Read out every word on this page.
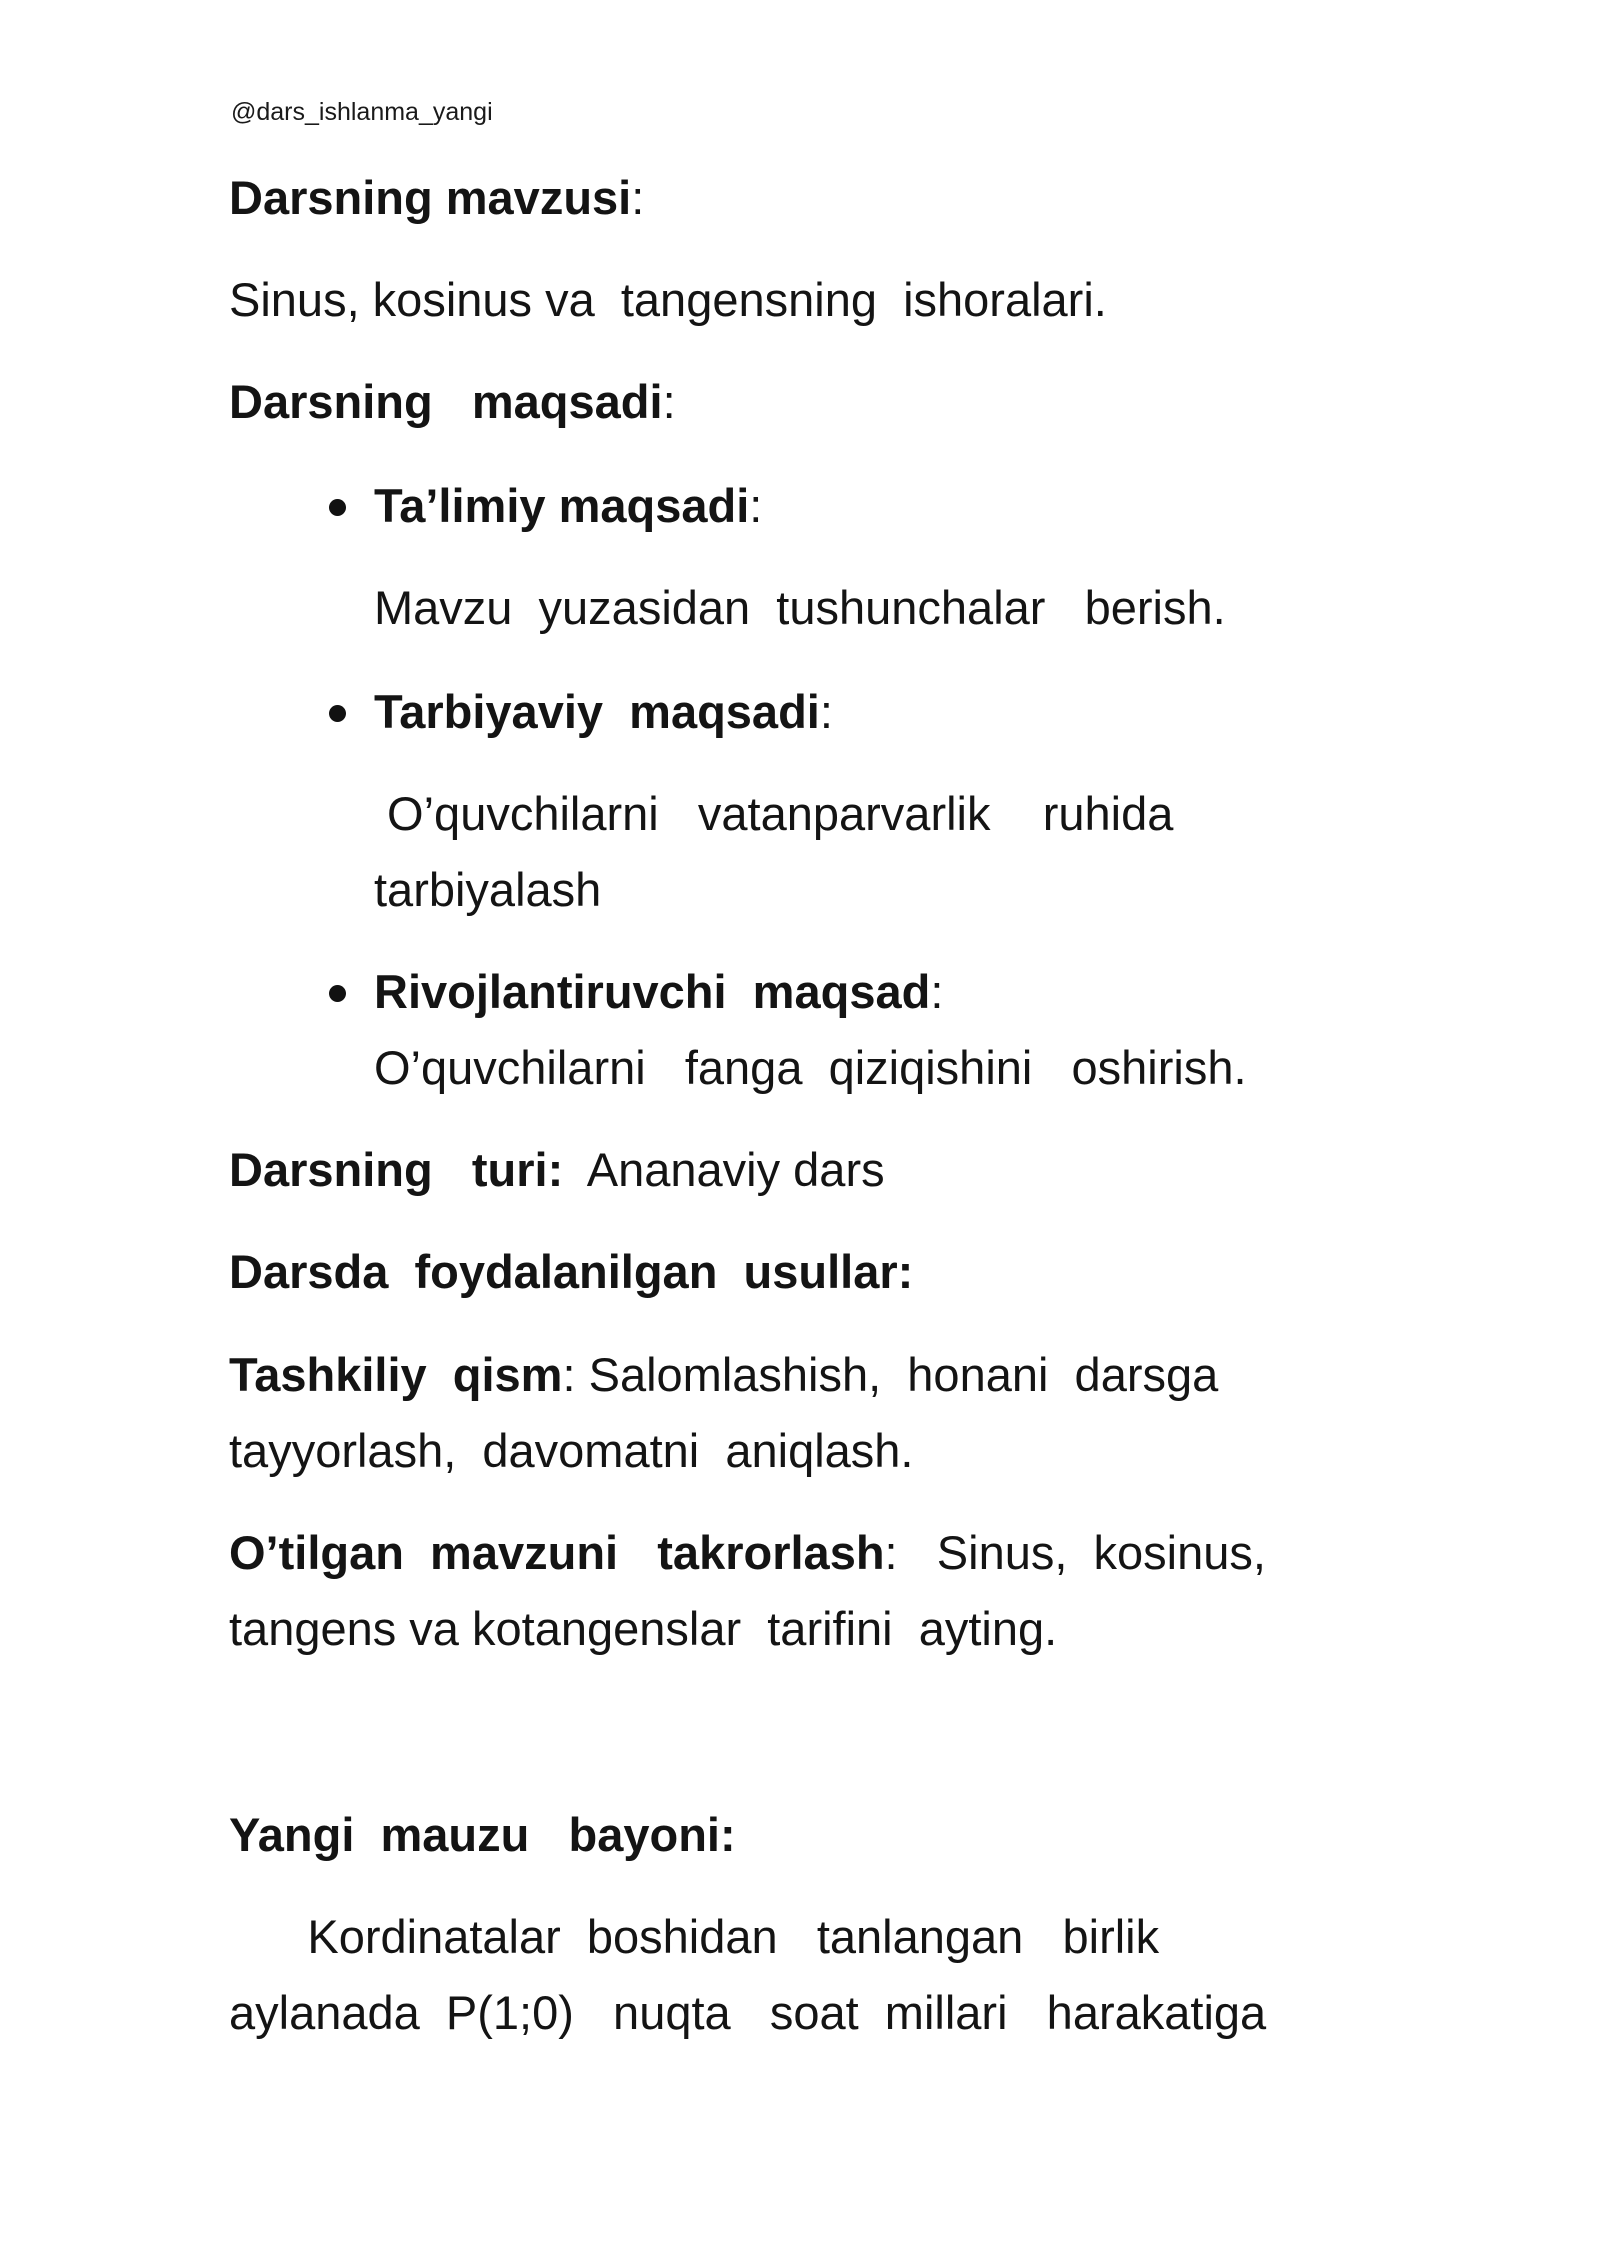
@dars_ishlanma_yangi
Darsning mavzusi:
Sinus, kosinus va  tangensning  ishoralari.
Darsning   maqsadi:
Ta’limiy maqsadi:
Mavzu  yuzasidan  tushunchalar   berish.
Tarbiyaviy  maqsadi:
O’quvchilarni   vatanparvarlik    ruhida
tarbiyalash
Rivojlantiruvchi  maqsad:
O’quvchilarni   fanga  qiziqishini   oshirish.
Darsning   turi:  Ananaviy dars
Darsda  foydalanilgan  usullar:
Tashkiliy  qism: Salomlashish,  honani  darsga
tayyorlash,  davomatni  aniqlash.
O’tilgan  mavzuni   takrorlash:   Sinus,  kosinus,
tangens va kotangenslar  tarifini  ayting.
Yangi  mauzu   bayoni:
Kordinatalar  boshidan   tanlangan   birlik
aylanada  P(1;0)   nuqta   soat  millari   harakatiga
